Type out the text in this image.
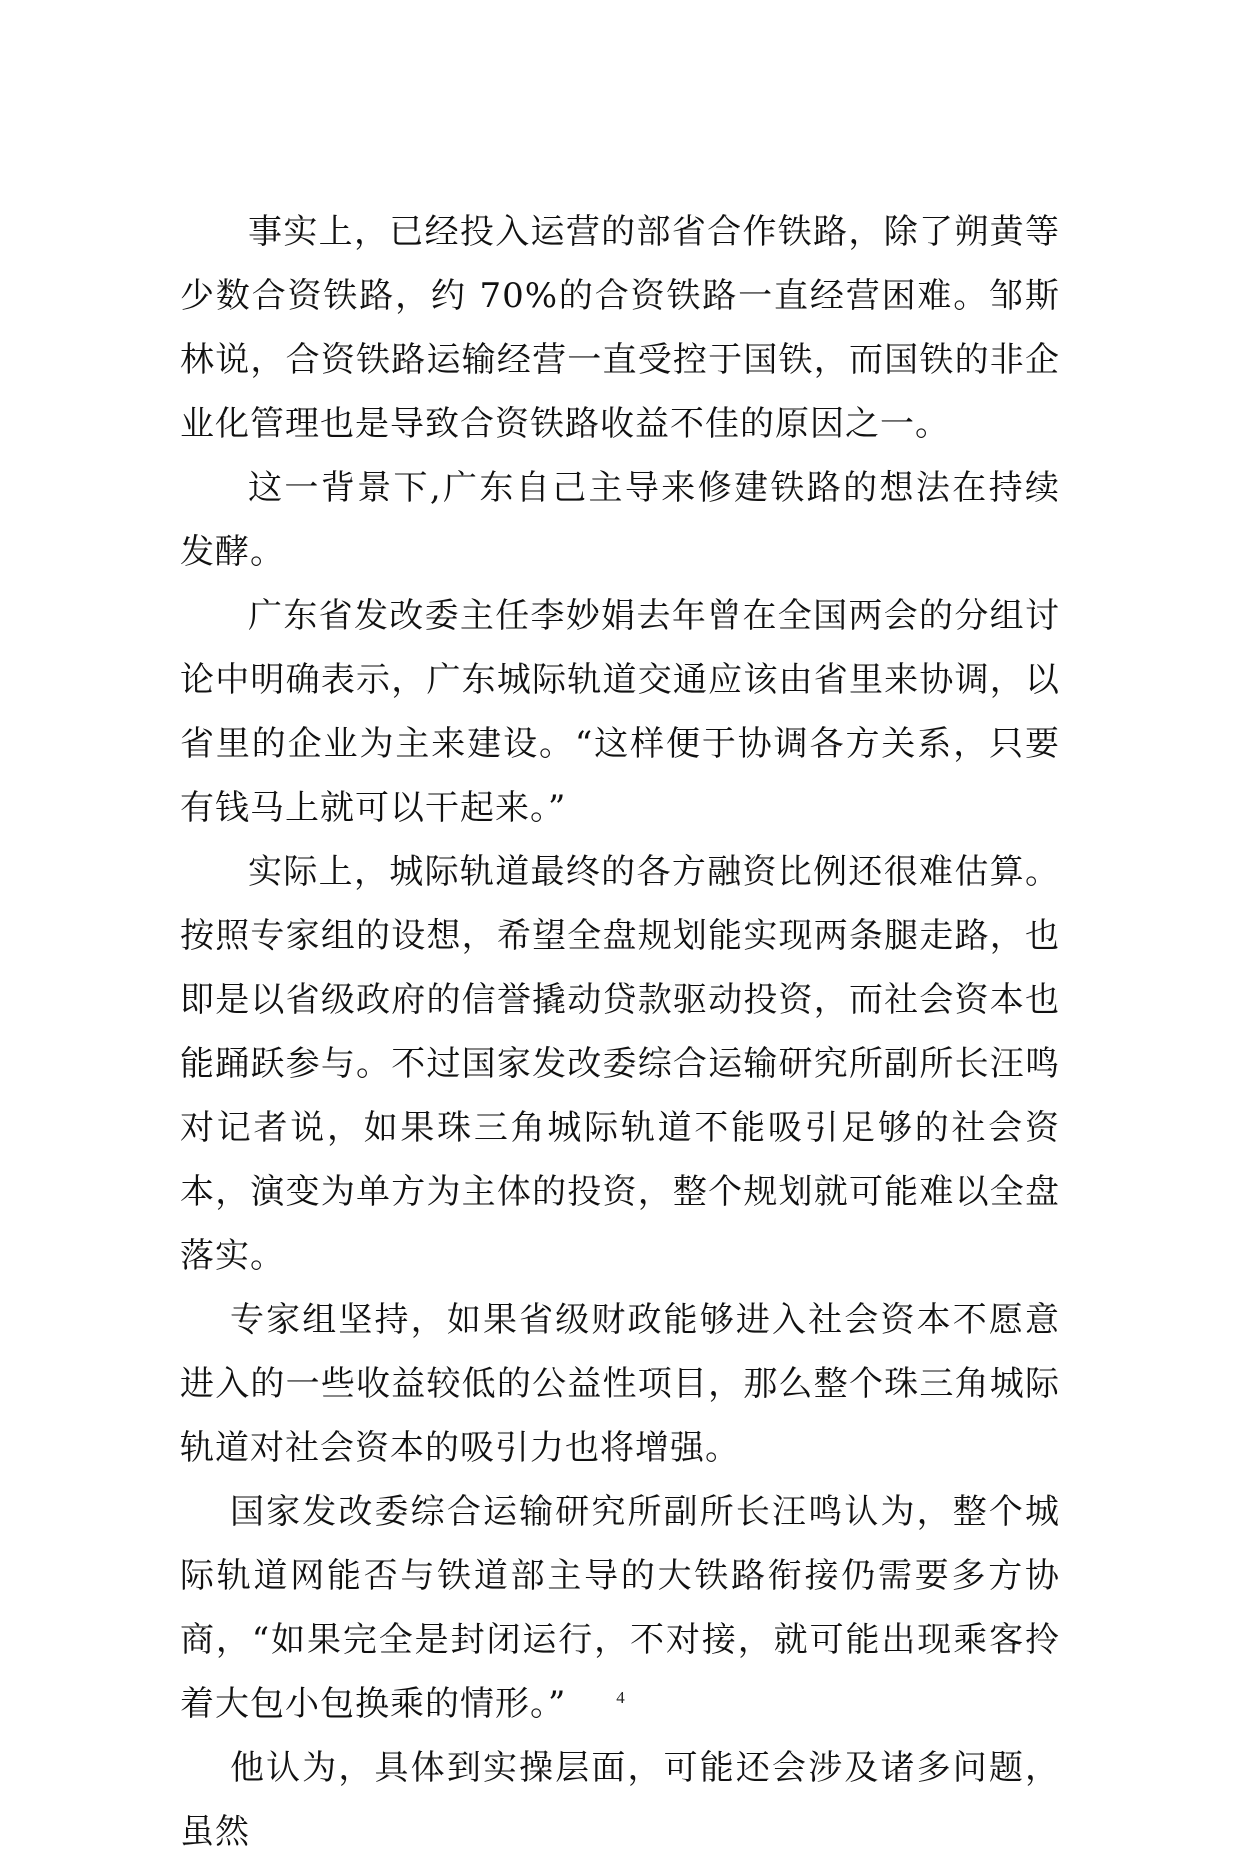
事实上，已经投入运营的部省合作铁路，除了朔黄等少数合资铁路，约 70%的合资铁路一直经营困难。邹斯林说，合资铁路运输经营一直受控于国铁，而国铁的非企业化管理也是导致合资铁路收益不佳的原因之一。

这一背景下,广东自己主导来修建铁路的想法在持续发酵。

广东省发改委主任李妙娟去年曾在全国两会的分组讨论中明确表示，广东城际轨道交通应该由省里来协调，以省里的企业为主来建设。“这样便于协调各方关系，只要有钱马上就可以干起来。”

实际上，城际轨道最终的各方融资比例还很难估算。按照专家组的设想，希望全盘规划能实现两条腿走路，也即是以省级政府的信誉撬动贷款驱动投资，而社会资本也能踊跃参与。不过国家发改委综合运输研究所副所长汪鸣对记者说，如果珠三角城际轨道不能吸引足够的社会资本，演变为单方为主体的投资，整个规划就可能难以全盘落实。

专家组坚持，如果省级财政能够进入社会资本不愿意进入的一些收益较低的公益性项目，那么整个珠三角城际轨道对社会资本的吸引力也将增强。

国家发改委综合运输研究所副所长汪鸣认为，整个城际轨道网能否与铁道部主导的大铁路衔接仍需要多方协商，“如果完全是封闭运行，不对接，就可能出现乘客拎着大包小包换乘的情形。”

他认为，具体到实操层面，可能还会涉及诸多问题，虽然

4
